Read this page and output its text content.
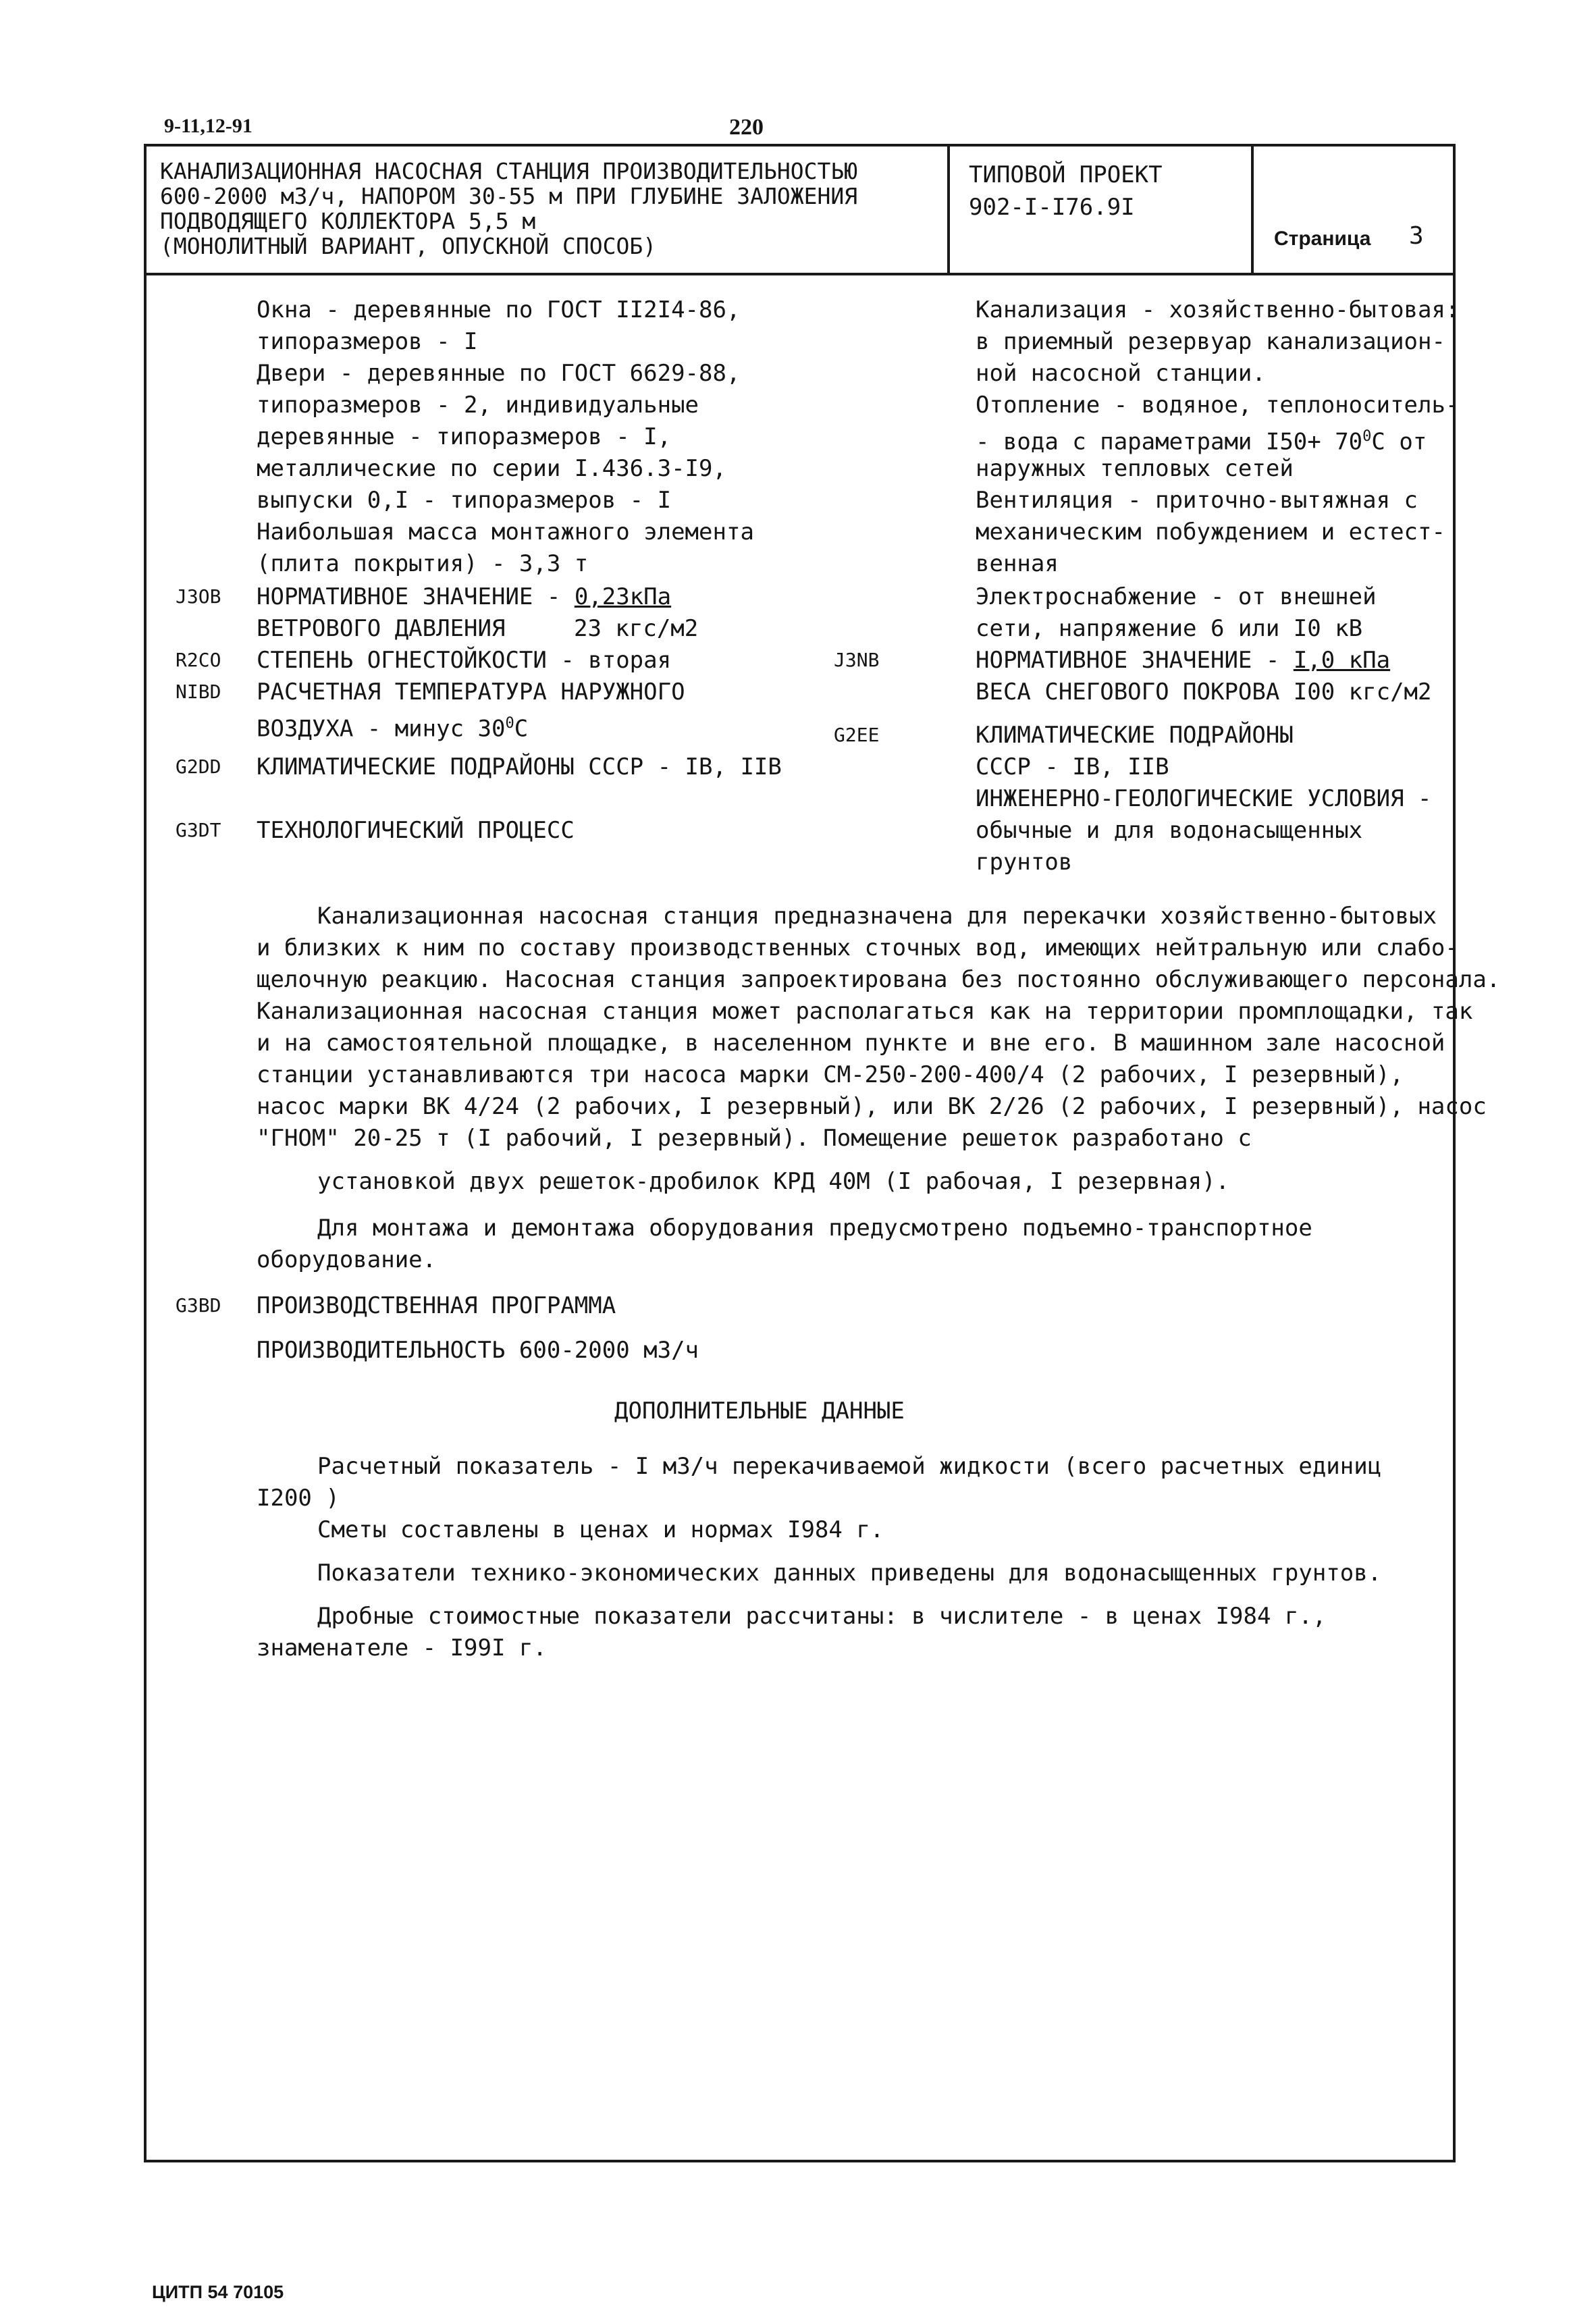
9-11,12-91	220
КАНАЛИЗАЦИОННАЯ НАСОСНАЯ СТАНЦИЯ ПРОИЗВОДИТЕЛЬНОСТЬЮ
600-2000 м3/ч, НАПОРОМ 30-55 м ПРИ ГЛУБИНЕ ЗАЛОЖЕНИЯ
ПОДВОДЯЩЕГО КОЛЛЕКТОРА 5,5 м
(МОНОЛИТНЫЙ ВАРИАНТ, ОПУСКНОЙ СПОСОБ)
ТИПОВОЙ ПРОЕКТ
902-I-I76.9I
Страница 3
Окна - деревянные по ГОСТ II2I4-86,
типоразмеров - I
Двери - деревянные по ГОСТ 6629-88,
типоразмеров - 2, индивидуальные
деревянные - типоразмеров - I,
металлические по серии I.436.3-I9,
выпуски 0,I - типоразмеров - I
Наибольшая масса монтажного элемента
(плита покрытия) - 3,3 т
J3OB НОРМАТИВНОЕ ЗНАЧЕНИЕ - 0,23кПа
ВЕТРОВОГО ДАВЛЕНИЯ	23 кгс/м2
R2CO СТЕПЕНЬ ОГНЕСТОЙКОСТИ - вторая
NIBD РАСЧЕТНАЯ ТЕМПЕРАТУРА НАРУЖНОГО
ВОЗДУХА - минус $30^0С$
G2DD КЛИМАТИЧЕСКИЕ ПОДРАЙОНЫ СССР - IВ, IIВ
G3DT ТЕХНОЛОГИЧЕСКИЙ ПРОЦЕСС
Канализация - хозяйственно-бытовая:
в приемный резервуар канализацион-
ной насосной станции.
Отопление - водяное, теплоноситель-
- вода с параметрами $I50+ 70^0С$ от
наружных тепловых сетей
Вентиляция - приточно-вытяжная с
механическим побуждением и естест-
венная
Электроснабжение - от внешней
сети, напряжение 6 или I0 кВ
J3NB	НОРМАТИВНОЕ ЗНАЧЕНИЕ - I,0 кПа
ВЕСА СНЕГОВОГО ПОКРОВА I00 кгс/м2
G2EE	КЛИМАТИЧЕСКИЕ ПОДРАЙОНЫ
СССР - IВ, IIВ
ИНЖЕНЕРНО-ГЕОЛОГИЧЕСКИЕ УСЛОВИЯ -
обычные и для водонасыщенных
грунтов
Канализационная насосная станция предназначена для перекачки хозяйственно-бытовых
и близких к ним по составу производственных сточных вод, имеющих нейтральную или слабо-
щелочную реакцию. Насосная станция запроектирована без постоянно обслуживающего персонала.
Канализационная насосная станция может располагаться как на территории промплощадки, так
и на самостоятельной площадке, в населенном пункте и вне его. В машинном зале насосной
станции устанавливаются три насоса марки СМ-250-200-400/4 (2 рабочих, I резервный),
насос марки ВК 4/24 (2 рабочих, I резервный), или ВК 2/26 (2 рабочих, I резервный), насос
"ГНОМ" 20-25 т (I рабочий, I резервный). Помещение решеток разработано с
установкой двух решеток-дробилок КРД 40М (I рабочая, I резервная).
Для монтажа и демонтажа оборудования предусмотрено подъемно-транспортное
оборудование.
G3BD ПРОИЗВОДСТВЕННАЯ ПРОГРАММА
ПРОИЗВОДИТЕЛЬНОСТЬ 600-2000 м3/ч
ДОПОЛНИТЕЛЬНЫЕ ДАННЫЕ
Расчетный показатель - I м3/ч перекачиваемой жидкости (всего расчетных единиц
I200 )
Сметы составлены в ценах и нормах I984 г.
Показатели технико-экономических данных приведены для водонасыщенных грунтов.
Дробные стоимостные показатели рассчитаны: в числителе - в ценах I984 г.,
знаменателе - I99I г.
ЦИТП 54 70105
